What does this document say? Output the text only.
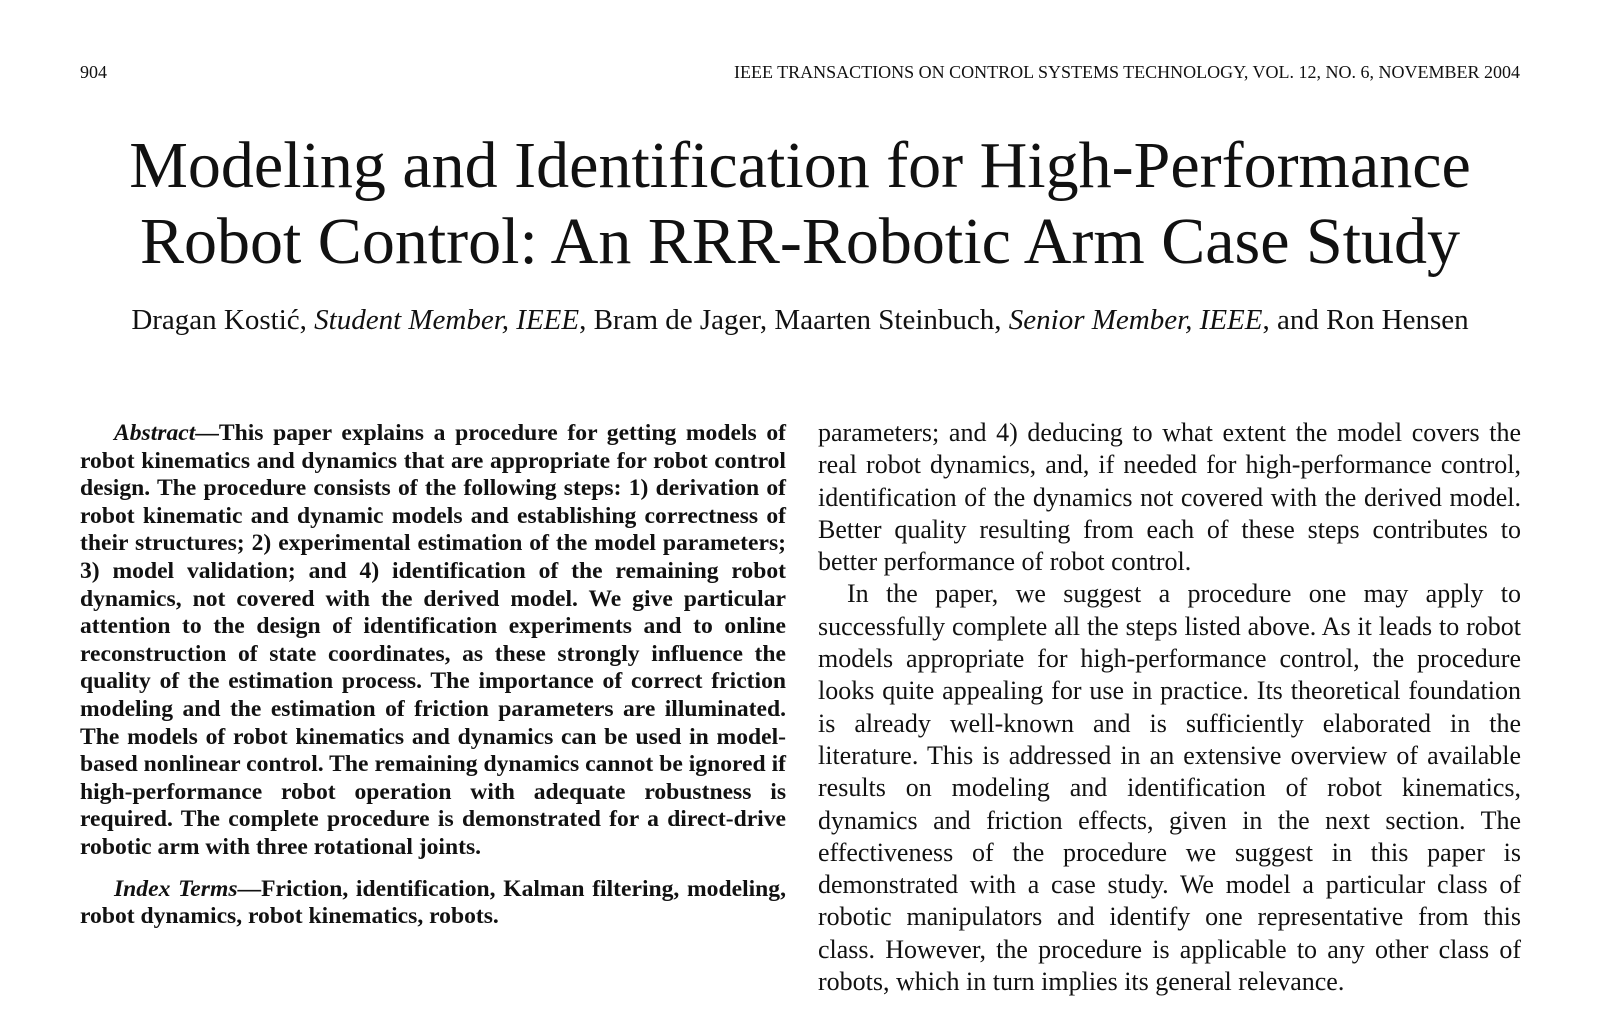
904	IEEE TRANSACTIONS ON CONTROL SYSTEMS TECHNOLOGY, VOL. 12, NO. 6, NOVEMBER 2004
Modeling and Identification for High-Performance
Robot Control: An RRR-Robotic Arm Case Study
Dragan Kostić, Student Member, IEEE, Bram de Jager, Maarten Steinbuch, Senior Member, IEEE, and Ron Hensen

Abstract—This paper explains a procedure for getting models of robot kinematics and dynamics that are appropriate for robot control design. The procedure consists of the following steps: 1) derivation of robot kinematic and dynamic models and establishing correctness of their structures; 2) experimental estimation of the model parameters; 3) model validation; and 4) identification of the remaining robot dynamics, not covered with the derived model. We give particular attention to the design of identification experiments and to online reconstruction of state coordinates, as these strongly influence the quality of the estimation process. The importance of correct friction modeling and the estimation of friction parameters are illuminated. The models of robot kinematics and dynamics can be used in model-based nonlinear control. The remaining dynamics cannot be ignored if high-performance robot operation with adequate robustness is required. The complete procedure is demonstrated for a direct-drive robotic arm with three rotational joints.

Index Terms—Friction, identification, Kalman filtering, modeling, robot dynamics, robot kinematics, robots.

parameters; and 4) deducing to what extent the model covers the real robot dynamics, and, if needed for high-performance control, identification of the dynamics not covered with the derived model. Better quality resulting from each of these steps contributes to better performance of robot control.

In the paper, we suggest a procedure one may apply to successfully complete all the steps listed above. As it leads to robot models appropriate for high-performance control, the procedure looks quite appealing for use in practice. Its theoretical foundation is already well-known and is sufficiently elaborated in the literature. This is addressed in an extensive overview of available results on modeling and identification of robot kinematics, dynamics and friction effects, given in the next section. The effectiveness of the procedure we suggest in this paper is demonstrated with a case study. We model a particular class of robotic manipulators and identify one representative from this class. However, the procedure is applicable to any other class of robots, which in turn implies its general relevance.
